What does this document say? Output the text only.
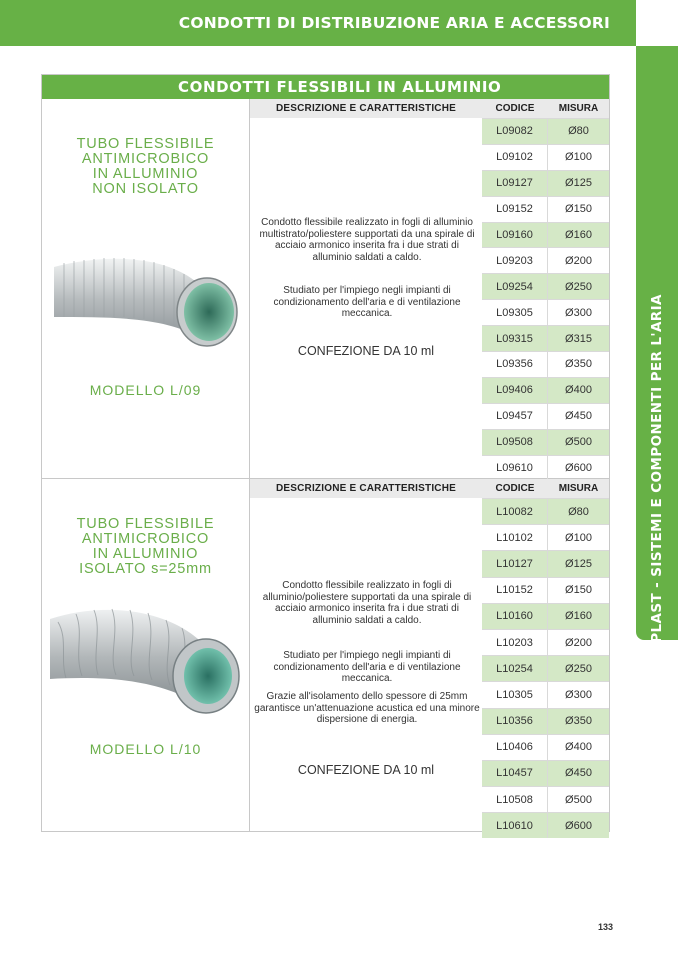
CONDOTTI DI DISTRIBUZIONE ARIA E ACCESSORI
AIRPLAST - SISTEMI E COMPONENTI PER L'ARIA
CONDOTTI FLESSIBILI IN ALLUMINIO
TUBO FLESSIBILE
ANTIMICROBICO
IN ALLUMINIO
NON ISOLATO
MODELLO L/09
DESCRIZIONE E CARATTERISTICHE
Condotto flessibile realizzato in fogli di alluminio multistrato/poliestere supportati da una spirale di acciaio armonico inserita fra i due strati di alluminio saldati a caldo.
Studiato per l'impiego negli impianti di condizionamento dell'aria e di ventilazione meccanica.
CONFEZIONE DA 10 ml
CODICE	MISURA
L09082	Ø80
L09102	Ø100
L09127	Ø125
L09152	Ø150
L09160	Ø160
L09203	Ø200
L09254	Ø250
L09305	Ø300
L09315	Ø315
L09356	Ø350
L09406	Ø400
L09457	Ø450
L09508	Ø500
L09610	Ø600
TUBO FLESSIBILE
ANTIMICROBICO
IN ALLUMINIO
ISOLATO s=25mm
MODELLO L/10
DESCRIZIONE E CARATTERISTICHE
Condotto flessibile realizzato in fogli di alluminio/poliestere supportati da una spirale di acciaio armonico inserita fra i due strati di alluminio saldati a caldo.
Studiato per l'impiego negli impianti di condizionamento dell'aria e di ventilazione meccanica.
Grazie all'isolamento dello spessore di 25mm garantisce un'attenuazione acustica ed una minore dispersione di energia.
CONFEZIONE DA 10 ml
CODICE	MISURA
L10082	Ø80
L10102	Ø100
L10127	Ø125
L10152	Ø150
L10160	Ø160
L10203	Ø200
L10254	Ø250
L10305	Ø300
L10356	Ø350
L10406	Ø400
L10457	Ø450
L10508	Ø500
L10610	Ø600
133
